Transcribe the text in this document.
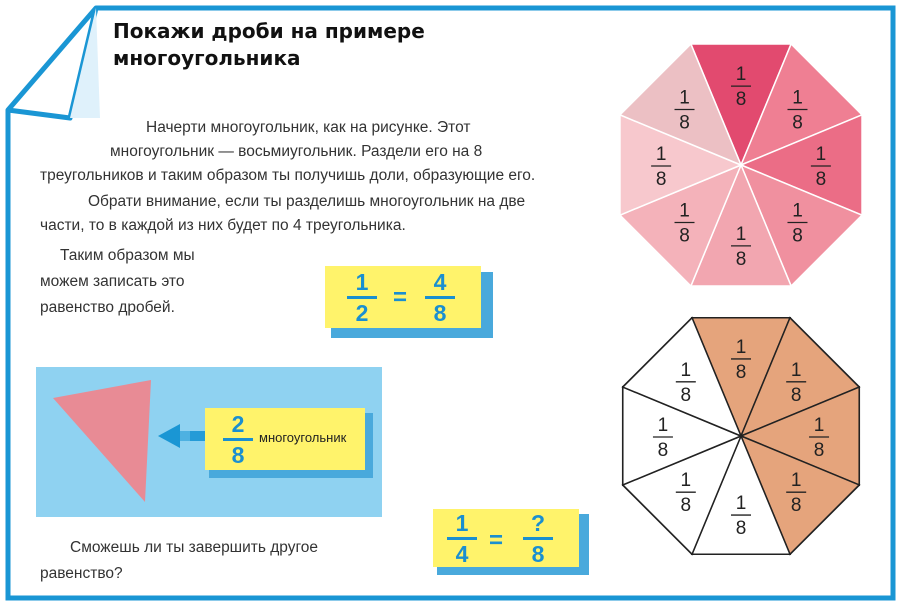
Покажи дроби на примере
многоугольника
Начерти многоугольник, как на рисунке. Этот
многоугольник — восьмиугольник. Раздели его на 8
треугольников и таким образом ты получишь доли, образующие его.
Обрати внимание, если ты разделишь многоугольник на две
части, то в каждой из них будет по 4 треугольника.
Таким образом мы
можем записать это
равенство дробей.
1
2
=
4
8
2
8
многоугольник
Сможешь ли ты завершить другое
равенство?
1
4 =
?
8
1
8 1
8
1
8
1
8
1
8
1
8
1
8
1
8
1
8 1
8
1
8
1
8
1
8
1
8
1
8
1
8
